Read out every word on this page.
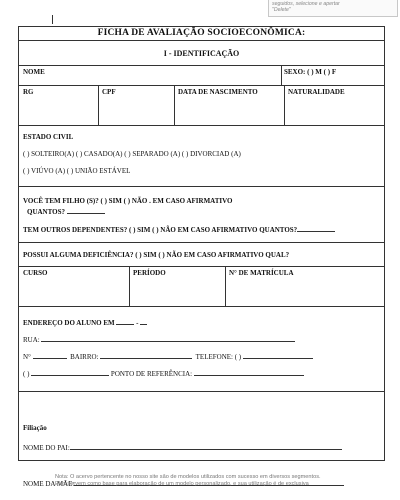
seguidos, selecione e apertar
"Delete"
FICHA DE AVALIAÇÃO SOCIOECONÔMICA:
I - IDENTIFICAÇÃO
NOME	SEXO: ( ) M ( ) F
RG	CPF	DATA DE NASCIMENTO	NATURALIDADE
ESTADO CIVIL
( ) SOLTEIRO(A) ( ) CASADO(A) ( ) SEPARADO (A) ( ) DIVORCIAD (A)
( ) VIÚVO (A) ( ) UNIÃO ESTÁVEL
VOCÊ TEM FILHO (S)? ( ) SIM ( ) NÃO . EM CASO AFIRMATIVO
QUANTOS?
TEM OUTROS DEPENDENTES? ( ) SIM ( ) NÃO EM CASO AFIRMATIVO QUANTOS?
POSSUI ALGUMA DEFICIÊNCIA? ( ) SIM ( ) NÃO EM CASO AFIRMATIVO QUAL?
CURSO	PERÍODO	N° DE MATRÍCULA
ENDEREÇO DO ALUNO EM	-
RUA:
N°	BAIRRO:	TELEFONE: ( )
( )	PONTO DE REFERÊNCIA:
Filiação
NOME DO PAI:
NOME DA MÃE:
Nota: O acervo pertencente no nosso site são de modelos utilizados com sucesso em diversos segmentos.
Eles servem como base para elaboração de um modelo personalizado, e sua utilização é de exclusiva
